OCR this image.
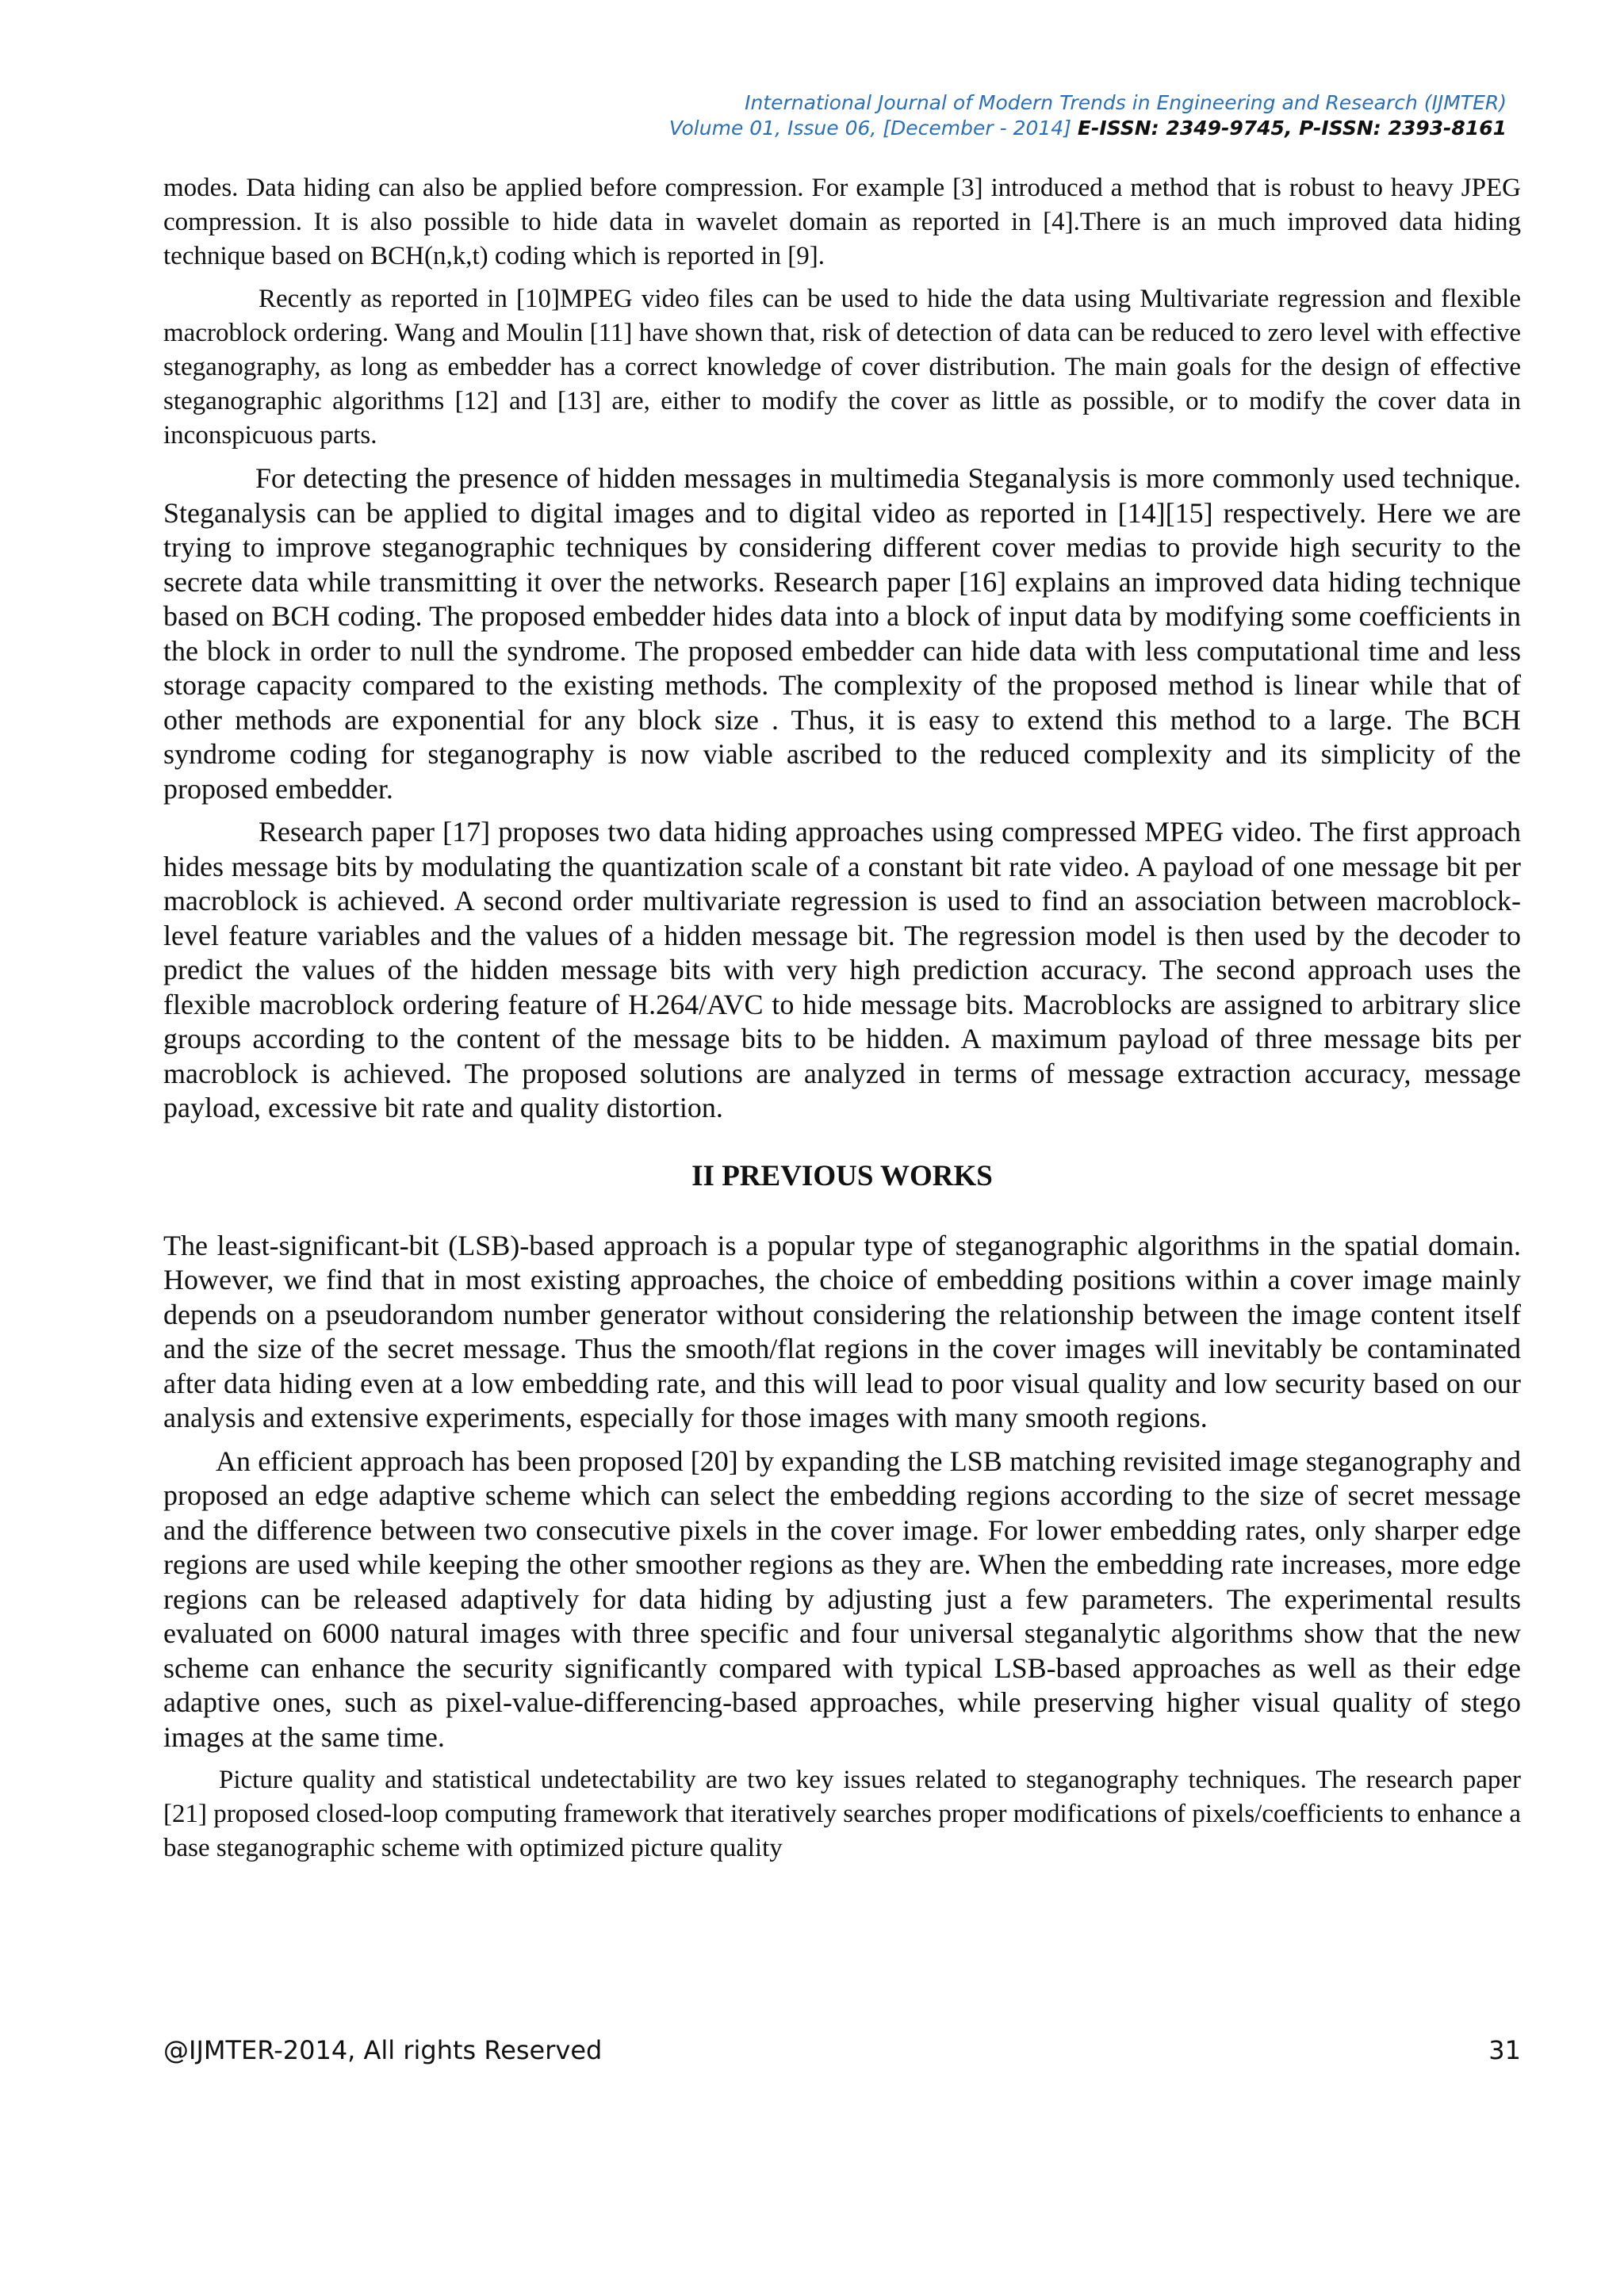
International Journal of Modern Trends in Engineering and Research (IJMTER)
Volume 01, Issue 06, [December - 2014] E-ISSN: 2349-9745, P-ISSN: 2393-8161

modes. Data hiding can also be applied before compression. For example [3] introduced a method that is robust to heavy JPEG compression. It is also possible to hide data in wavelet domain as reported in [4].There is an much improved data hiding technique based on BCH(n,k,t) coding which is reported in [9].

Recently as reported in [10]MPEG video files can be used to hide the data using Multivariate regression and flexible macroblock ordering. Wang and Moulin [11] have shown that, risk of detection of data can be reduced to zero level with effective steganography, as long as embedder has a correct knowledge of cover distribution. The main goals for the design of effective steganographic algorithms [12] and [13] are, either to modify the cover as little as possible, or to modify the cover data in inconspicuous parts.

For detecting the presence of hidden messages in multimedia Steganalysis is more commonly used technique. Steganalysis can be applied to digital images and to digital video as reported in [14][15] respectively. Here we are trying to improve steganographic techniques by considering different cover medias to provide high security to the secrete data while transmitting it over the networks. Research paper [16] explains an improved data hiding technique based on BCH coding. The proposed embedder hides data into a block of input data by modifying some coefficients in the block in order to null the syndrome. The proposed embedder can hide data with less computational time and less storage capacity compared to the existing methods. The complexity of the proposed method is linear while that of other methods are exponential for any block size . Thus, it is easy to extend this method to a large. The BCH syndrome coding for steganography is now viable ascribed to the reduced complexity and its simplicity of the proposed embedder.

Research paper [17] proposes two data hiding approaches using compressed MPEG video. The first approach hides message bits by modulating the quantization scale of a constant bit rate video. A payload of one message bit per macroblock is achieved. A second order multivariate regression is used to find an association between macroblock-level feature variables and the values of a hidden message bit. The regression model is then used by the decoder to predict the values of the hidden message bits with very high prediction accuracy. The second approach uses the flexible macroblock ordering feature of H.264/AVC to hide message bits. Macroblocks are assigned to arbitrary slice groups according to the content of the message bits to be hidden. A maximum payload of three message bits per macroblock is achieved. The proposed solutions are analyzed in terms of message extraction accuracy, message payload, excessive bit rate and quality distortion.

II PREVIOUS WORKS

The least-significant-bit (LSB)-based approach is a popular type of steganographic algorithms in the spatial domain. However, we find that in most existing approaches, the choice of embedding positions within a cover image mainly depends on a pseudorandom number generator without considering the relationship between the image content itself and the size of the secret message. Thus the smooth/flat regions in the cover images will inevitably be contaminated after data hiding even at a low embedding rate, and this will lead to poor visual quality and low security based on our analysis and extensive experiments, especially for those images with many smooth regions.

An efficient approach has been proposed [20] by expanding the LSB matching revisited image steganography and proposed an edge adaptive scheme which can select the embedding regions according to the size of secret message and the difference between two consecutive pixels in the cover image. For lower embedding rates, only sharper edge regions are used while keeping the other smoother regions as they are. When the embedding rate increases, more edge regions can be released adaptively for data hiding by adjusting just a few parameters. The experimental results evaluated on 6000 natural images with three specific and four universal steganalytic algorithms show that the new scheme can enhance the security significantly compared with typical LSB-based approaches as well as their edge adaptive ones, such as pixel-value-differencing-based approaches, while preserving higher visual quality of stego images at the same time.

Picture quality and statistical undetectability are two key issues related to steganography techniques. The research paper [21] proposed closed-loop computing framework that iteratively searches proper modifications of pixels/coefficients to enhance a base steganographic scheme with optimized picture quality

@IJMTER-2014, All rights Reserved	31
